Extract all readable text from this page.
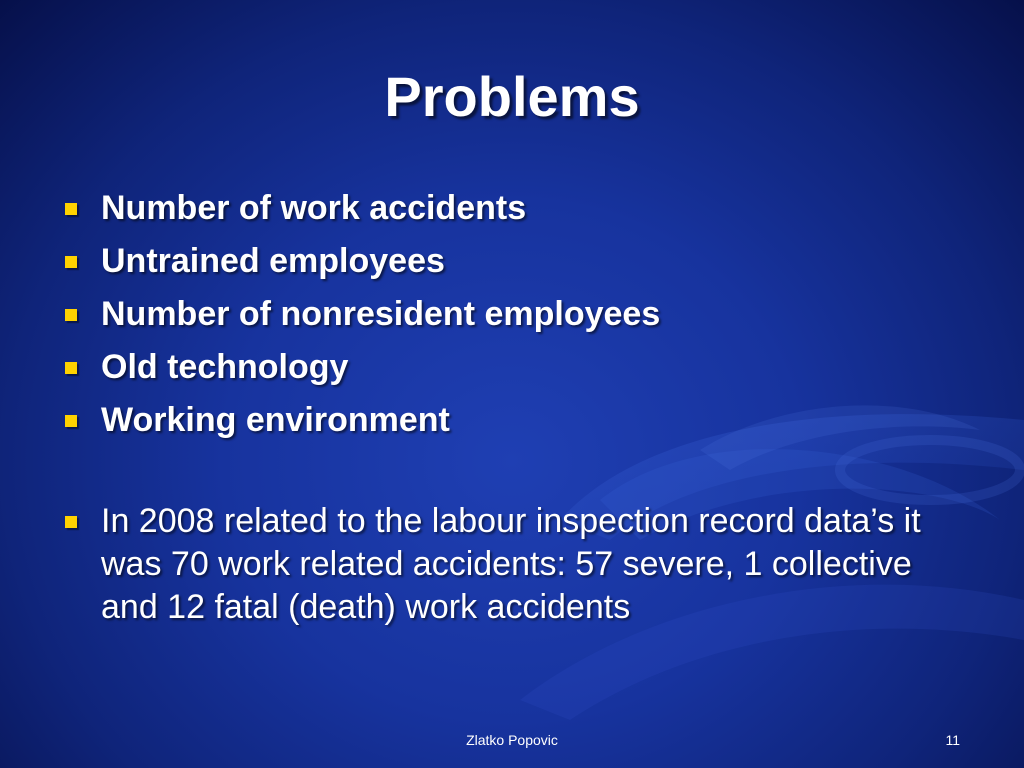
Problems
Number of work accidents
Untrained employees
Number of nonresident employees
Old technology
Working environment
In 2008 related to the labour inspection record data’s it was 70 work related accidents: 57 severe, 1 collective and 12 fatal (death) work accidents
Zlatko Popovic	11
